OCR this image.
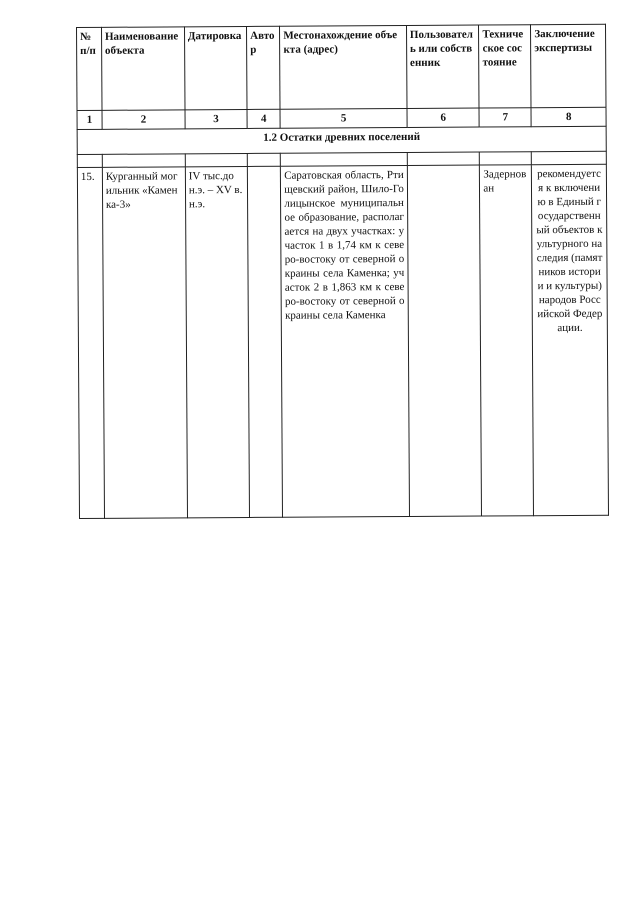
№ п/п	Наименование объекта	Датировка	Автор	Местонахождение объекта (адрес)	Пользователь или собственник	Техническое состояние	Заключение экспертизы
1	2	3	4	5	6	7	8
1.2 Остатки древних поселений							

15.	Курганный могильник «Каменка-3»	IV тыс.до н.э. – XV в.н.э.		Саратовская область, Ртищевский район, Шило-Голицынское муниципальное образование, располагается на двух участках: участок 1 в 1,74 км к северо-востоку от северной окраины села Каменка; участок 2 в 1,863 км к северо-востоку от северной окраины села Каменка		Задернован	рекомендуется к включению в Единый государственный объектов культурного наследия (памятников истории и культуры) народов Российской Федерации.
